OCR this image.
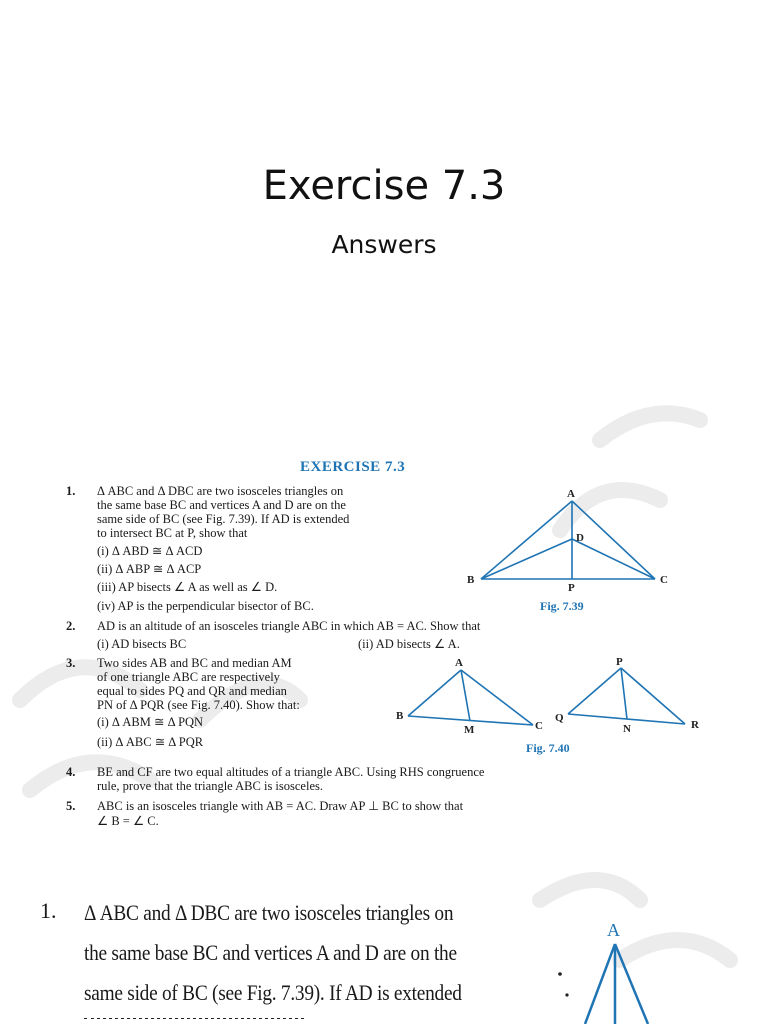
Exercise 7.3
Answers
EXERCISE 7.3
1. Δ ABC and Δ DBC are two isosceles triangles on
the same base BC and vertices A and D are on the
same side of BC (see Fig. 7.39). If AD is extended
to intersect BC at P, show that
(i) Δ ABD ≅ Δ ACD
(ii) Δ ABP ≅ Δ ACP
(iii) AP bisects ∠ A as well as ∠ D.
(iv) AP is the perpendicular bisector of BC.
A
D
B
P
C
Fig. 7.39
2. AD is an altitude of an isosceles triangle ABC in which AB = AC. Show that
(i) AD bisects BC	(ii) AD bisects ∠ A.
3. Two sides AB and BC and median AM
of one triangle ABC are respectively
equal to sides PQ and QR and median
PN of Δ PQR (see Fig. 7.40). Show that:
(i) Δ ABM ≅ Δ PQN
(ii) Δ ABC ≅ Δ PQR
A
B
M	C
P
Q
N	R
Fig. 7.40
4. BE and CF are two equal altitudes of a triangle ABC. Using RHS congruence
rule, prove that the triangle ABC is isosceles.
5. ABC is an isosceles triangle with AB = AC. Draw AP ⊥ BC to show that
∠ B = ∠ C.
1. Δ ABC and Δ DBC are two isosceles triangles on
the same base BC and vertices A and D are on the
same side of BC (see Fig. 7.39). If AD is extended
A
